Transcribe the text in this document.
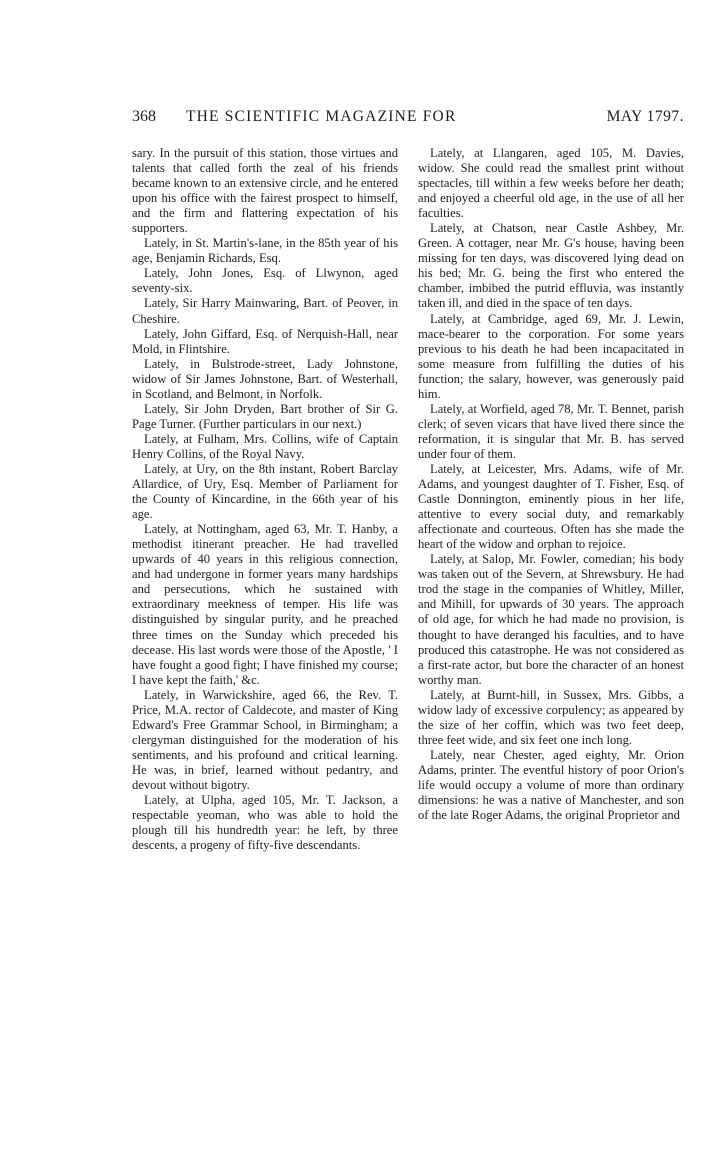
368	THE SCIENTIFIC MAGAZINE FOR	MAY 1797.

sary. In the pursuit of this station, those virtues and talents that called forth the zeal of his friends became known to an extensive circle, and he entered upon his office with the fairest prospect to himself, and the firm and flattering expectation of his supporters.

Lately, in St. Martin's-lane, in the 85th year of his age, Benjamin Richards, Esq.

Lately, John Jones, Esq. of Llwynon, aged seventy-six.

Lately, Sir Harry Mainwaring, Bart. of Peover, in Cheshire.

Lately, John Giffard, Esq. of Nerquish-Hall, near Mold, in Flintshire.

Lately, in Bulstrode-street, Lady Johnstone, widow of Sir James Johnstone, Bart. of Westerhall, in Scotland, and Belmont, in Norfolk.

Lately, Sir John Dryden, Bart brother of Sir G. Page Turner. (Further particulars in our next.)

Lately, at Fulham, Mrs. Collins, wife of Captain Henry Collins, of the Royal Navy.

Lately, at Ury, on the 8th instant, Robert Barclay Allardice, of Ury, Esq. Member of Parliament for the County of Kincardine, in the 66th year of his age.

Lately, at Nottingham, aged 63, Mr. T. Hanby, a methodist itinerant preacher. He had travelled upwards of 40 years in this religious connection, and had undergone in former years many hardships and persecutions, which he sustained with extraordinary meekness of temper. His life was distinguished by singular purity, and he preached three times on the Sunday which preceded his decease. His last words were those of the Apostle, ' I have fought a good fight; I have finished my course; I have kept the faith,' &c.

Lately, in Warwickshire, aged 66, the Rev. T. Price, M.A. rector of Caldecote, and master of King Edward's Free Grammar School, in Birmingham; a clergyman distinguished for the moderation of his sentiments, and his profound and critical learning. He was, in brief, learned without pedantry, and devout without bigotry.

Lately, at Ulpha, aged 105, Mr. T. Jackson, a respectable yeoman, who was able to hold the plough till his hundredth year: he left, by three descents, a progeny of fifty-five descendants.

Lately, at Llangaren, aged 105, M. Davies, widow. She could read the smallest print without spectacles, till within a few weeks before her death; and enjoyed a cheerful old age, in the use of all her faculties.

Lately, at Chatson, near Castle Ashbey, Mr. Green. A cottager, near Mr. G's house, having been missing for ten days, was discovered lying dead on his bed; Mr. G. being the first who entered the chamber, imbibed the putrid effluvia, was instantly taken ill, and died in the space of ten days.

Lately, at Cambridge, aged 69, Mr. J. Lewin, mace-bearer to the corporation. For some years previous to his death he had been incapacitated in some measure from fulfilling the duties of his function; the salary, however, was generously paid him.

Lately, at Worfield, aged 78, Mr. T. Bennet, parish clerk; of seven vicars that have lived there since the reformation, it is singular that Mr. B. has served under four of them.

Lately, at Leicester, Mrs. Adams, wife of Mr. Adams, and youngest daughter of T. Fisher, Esq. of Castle Donnington, eminently pious in her life, attentive to every social duty, and remarkably affectionate and courteous. Often has she made the heart of the widow and orphan to rejoice.

Lately, at Salop, Mr. Fowler, comedian; his body was taken out of the Severn, at Shrewsbury. He had trod the stage in the companies of Whitley, Miller, and Mihill, for upwards of 30 years. The approach of old age, for which he had made no provision, is thought to have deranged his faculties, and to have produced this catastrophe. He was not considered as a first-rate actor, but bore the character of an honest worthy man.

Lately, at Burnt-hill, in Sussex, Mrs. Gibbs, a widow lady of excessive corpulency; as appeared by the size of her coffin, which was two feet deep, three feet wide, and six feet one inch long.

Lately, near Chester, aged eighty, Mr. Orion Adams, printer. The eventful history of poor Orion's life would occupy a volume of more than ordinary dimensions: he was a native of Manchester, and son of the late Roger Adams, the original Proprietor and
